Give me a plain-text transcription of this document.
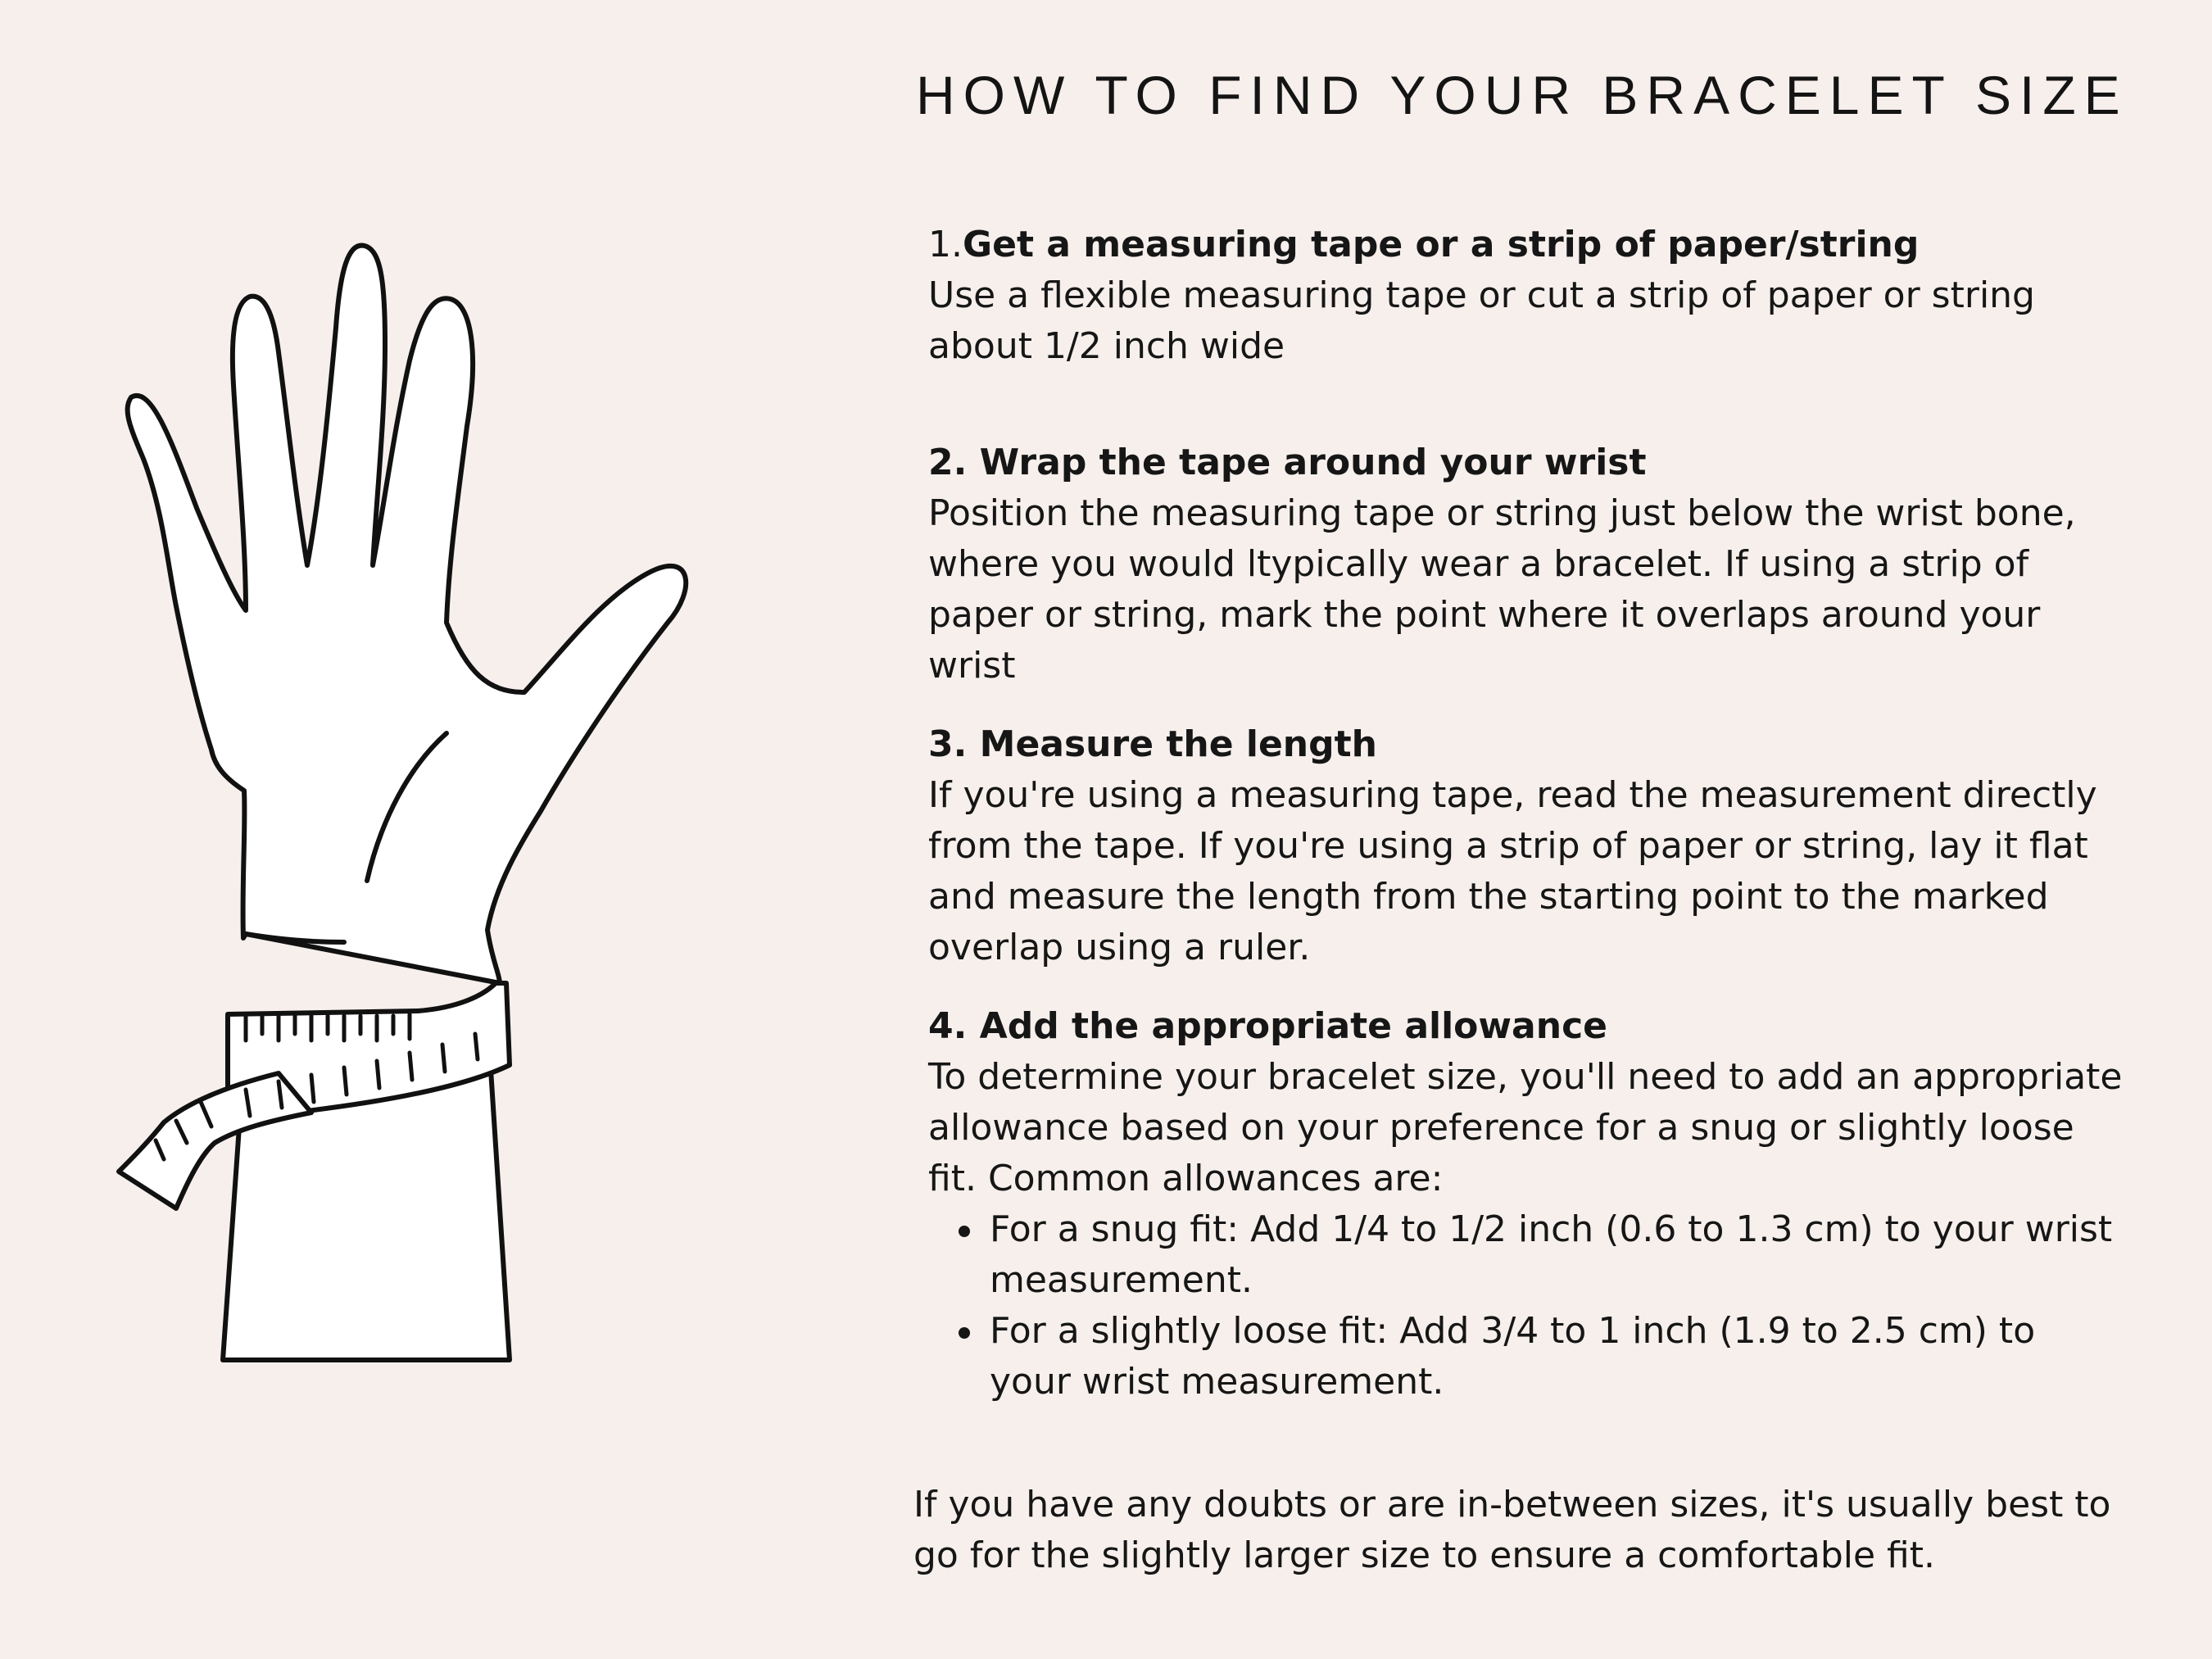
HOW TO FIND YOUR BRACELET SIZE

1.Get a measuring tape or a strip of paper/string

Use a flexible measuring tape or cut a strip of paper or string about 1/2 inch wide

2. Wrap the tape around your wrist

Position the measuring tape or string just below the wrist bone, where you would ltypically wear a bracelet. If using a strip of paper or string, mark the point where it overlaps around your wrist

3. Measure the length

If you're using a measuring tape, read the measurement directly from the tape. If you're using a strip of paper or string, lay it flat and measure the length from the starting point to the marked overlap using a ruler.

4. Add the appropriate allowance

To determine your bracelet size, you'll need to add an appropriate allowance based on your preference for a snug or slightly loose fit. Common allowances are:

For a snug fit: Add 1/4 to 1/2 inch (0.6 to 1.3 cm) to your wrist measurement.
For a slightly loose fit: Add 3/4 to 1 inch (1.9 to 2.5 cm) to your wrist measurement.

If you have any doubts or are in-between sizes, it's usually best to go for the slightly larger size to ensure a comfortable fit.
